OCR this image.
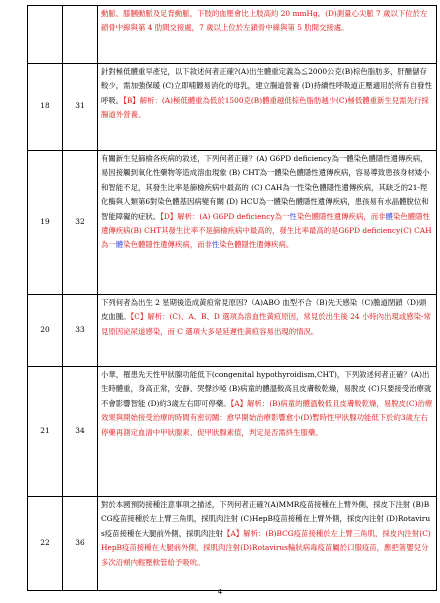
		動脈、膝膕動脈及足背動脈，下肢的血壓會比上肢高約 20 mmHg。(D)測量心尖脈 7 歲以下位於左鎖骨中線與第 4 肋間交接處，7 歲以上位於左鎖骨中線與第 5 肋間交接處。
18	31	針對極低體重早產兒，以下敘述何者正確?(A)出生體重定義為≦2000公克(B)棕色脂肪多，肝醣儲存較少，需加強保暖 (C)立即哺餵易消化的母乳，建立腸道營養 (D)持續性呼吸道正壓適用於所有自發性呼吸。【B】解析：(A)極低體重為低於1500克(B)體重越低棕色脂肪越少(C)極低體重新生兒需先行採腸道外營養。
19	32	有關新生兒篩檢各疾病的敘述，下列何者正確？(A) G6PD deficiency為一體染色體隱性遺傳疾病，易因接觸到氧化性藥物等造成溶血現象 (B) CHT為一體染色體隱性遺傳疾病，容易導致患孩身材矮小和智能不足，其發生比率是篩檢疾病中最高的 (C) CAH為一性染色體隱性遺傳疾病，其缺乏的21-羥化酶與人類第6對染色體基因病變有關 (D) HCU為一體染色體隱性遺傳疾病，患孩易有水晶體脫位和智能障礙的症狀。【D】解析：(A) G6PD deficiency為一性染色體隱性遺傳疾病，而非體染色體隱性遺傳疾病(B) CHT其發生比率不是篩檢疾病中最高的，發生比率最高的是G6PD deficiency(C) CAH為一體染色體隱性遺傳疾病，而非性染色體隱性遺傳疾病。
20	33	下列何者為出生 2 星期後造成黃疸常見原因?（A)ABO 血型不合（B)先天感染（C)膽道閉鎖（D)頭皮血腫。【C】解析：(C)、A、B、D 選項為溶血性黃疸原因，常見於出生後 24 小時內出現或感染-常見原因泌尿道感染，而 C 選項大多是延遲性黃疸容易出現的情況。
21	34	小華，罹患先天性甲狀腺功能低下(congenital hypothyroidism,CHT)，下列敘述何者正確？(A)出生時體重，身高正常，安靜、哭聲沙啞 (B)病童的體溫較高且皮膚較乾燥，易脫皮 (C)只要接受治療就不會影響智能 (D)約3歲左右即可停藥。【A】解析：(B)病童的體溫較低且皮膚較乾燥，易脫皮(C)治療效果與開始接受治療的時間有密切關：愈早開始治療影響愈小(D)暫時性甲狀腺功能低下於約3歲左右停藥再測定血清中甲狀腺素、促甲狀腺素值，判定是否需終生服藥。
22	36	對於本國預防接種注意事項之描述，下列何者正確?(A)MMR疫苗接種在上臂外側，採皮下注射 (B)BCG疫苗接種於左上臂三角肌，採肌肉注射 (C)HepB疫苗接種在上臂外側，採皮內注射 (D)Rotavirus疫苗接種在大腿前外側，採肌肉注射【A】解析：(B)BCG疫苗接種於左上臂三角肌，採皮內注射(C)HepB疫苗接種在大腿前外側，採肌肉注射(D)Rotavirus輪狀病毒疫苗屬於口服疫苗，應把箸嬰兒分多次沿頰内輕壓軟管給予吸吮。
4
